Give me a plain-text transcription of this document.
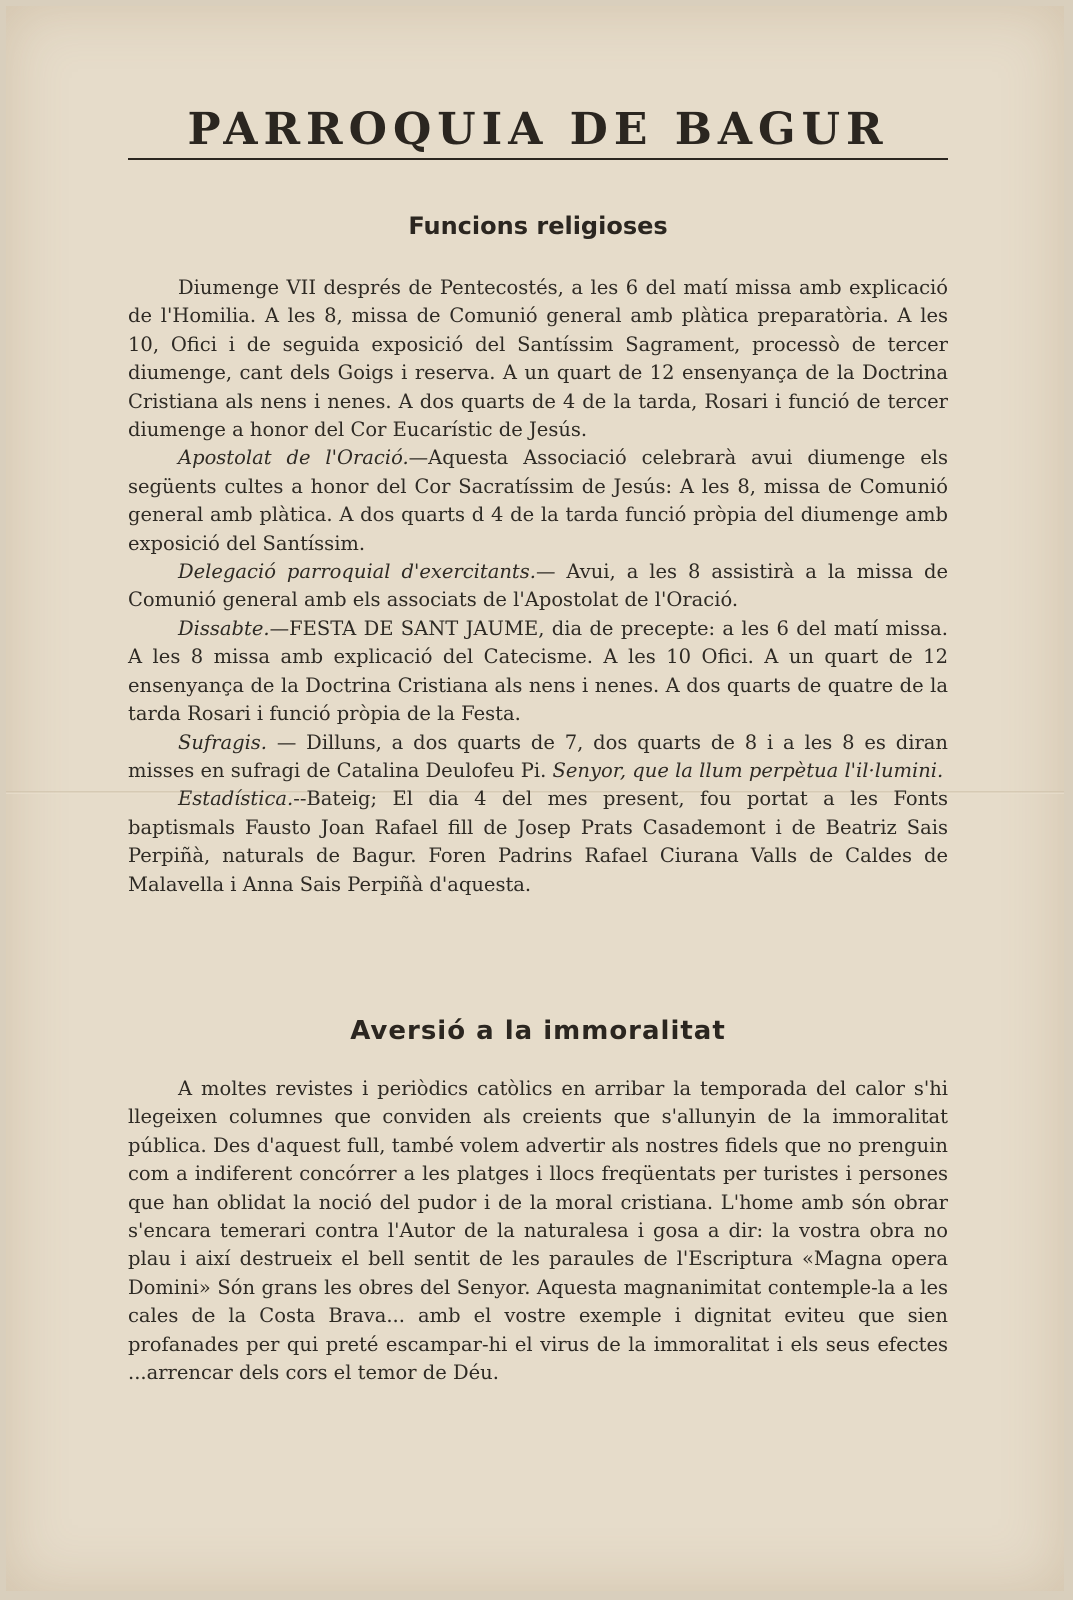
PARROQUIA DE BAGUR
Funcions religioses

Diumenge VII després de Pentecostés, a les 6 del matí missa amb explicació de l'Homilia. A les 8, missa de Comunió general amb plàtica preparatòria. A les 10, Ofici i de seguida exposició del Santíssim Sagrament, processò de tercer diumenge, cant dels Goigs i reserva. A un quart de 12 ensenyança de la Doctrina Cristiana als nens i nenes. A dos quarts de 4 de la tarda, Rosari i funció de tercer diumenge a honor del Cor Eucarístic de Jesús.

Apostolat de l'Oració.—Aquesta Associació celebrarà avui diumenge els següents cultes a honor del Cor Sacratíssim de Jesús: A les 8, missa de Comunió general amb plàtica. A dos quarts d 4 de la tarda funció pròpia del diumenge amb exposició del Santíssim.

Delegació parroquial d'exercitants.— Avui, a les 8 assistirà a la missa de Comunió general amb els associats de l'Apostolat de l'Oració.

Dissabte.—FESTA DE SANT JAUME, dia de precepte: a les 6 del matí missa. A les 8 missa amb explicació del Catecisme. A les 10 Ofici. A un quart de 12 ensenyança de la Doctrina Cristiana als nens i nenes. A dos quarts de quatre de la tarda Rosari i funció pròpia de la Festa.

Sufragis. — Dilluns, a dos quarts de 7, dos quarts de 8 i a les 8 es diran misses en sufragi de Catalina Deulofeu Pi. Senyor, que la llum perpètua l'il·lumini.

Estadística.--Bateig; El dia 4 del mes present, fou portat a les Fonts baptismals Fausto Joan Rafael fill de Josep Prats Casademont i de Beatriz Sais Perpiñà, naturals de Bagur. Foren Padrins Rafael Ciurana Valls de Caldes de Malavella i Anna Sais Perpiñà d'aquesta.

Aversió a la immoralitat

A moltes revistes i periòdics catòlics en arribar la temporada del calor s'hi llegeixen columnes que conviden als creients que s'allunyin de la immoralitat pública. Des d'aquest full, també volem advertir als nostres fidels que no prenguin com a indiferent concórrer a les platges i llocs freqüentats per turistes i persones que han oblidat la noció del pudor i de la moral cristiana. L'home amb són obrar s'encara temerari contra l'Autor de la naturalesa i gosa a dir: la vostra obra no plau i així destrueix el bell sentit de les paraules de l'Escriptura «Magna opera Domini» Són grans les obres del Senyor. Aquesta magnanimitat contemple-la a les cales de la Costa Brava... amb el vostre exemple i dignitat eviteu que sien profanades per qui preté escampar-hi el virus de la immoralitat i els seus efectes ...arrencar dels cors el temor de Déu.
